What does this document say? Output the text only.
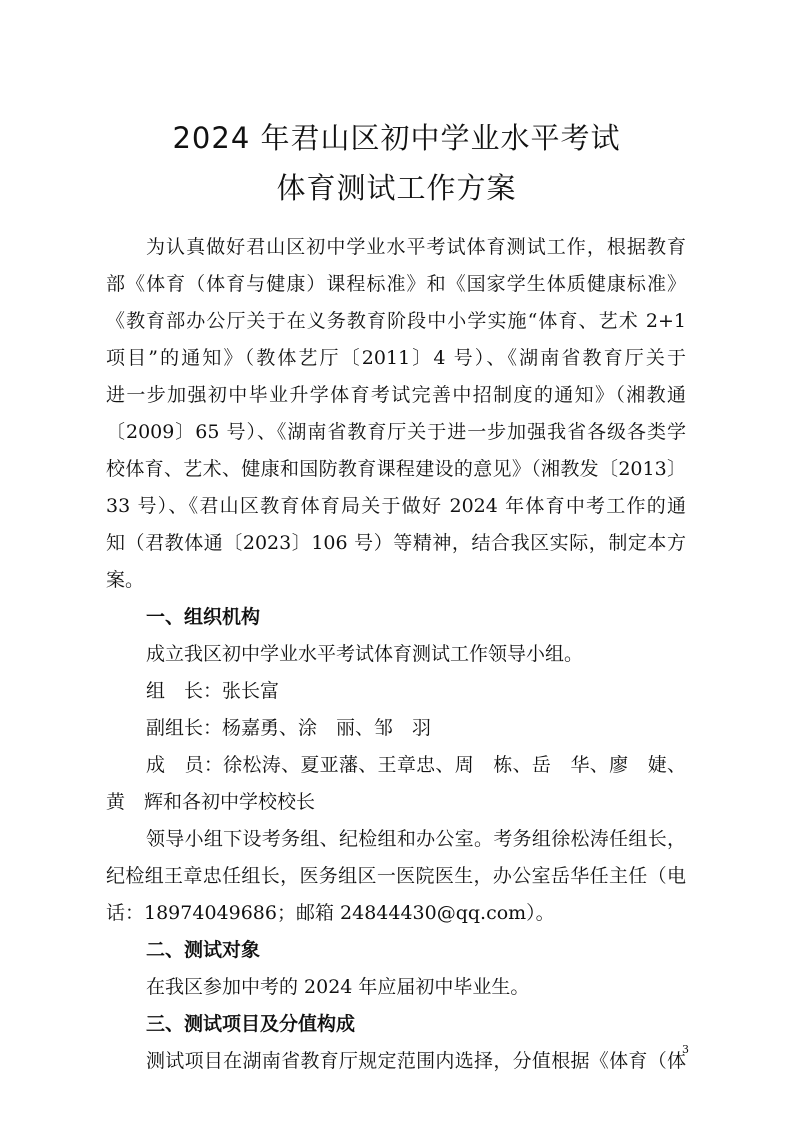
2024 年君山区初中学业水平考试
体育测试工作方案
为认真做好君山区初中学业水平考试体育测试工作，根据教育
部《体育（体育与健康）课程标准》和《国家学生体质健康标准》
《教育部办公厅关于在义务教育阶段中小学实施“体育、艺术 2+1
项目”的通知》（教体艺厅〔2011〕4 号）、《湖南省教育厅关于
进一步加强初中毕业升学体育考试完善中招制度的通知》（湘教通
〔2009〕65 号）、《湖南省教育厅关于进一步加强我省各级各类学
校体育、艺术、健康和国防教育课程建设的意见》（湘教发〔2013〕
33 号）、《君山区教育体育局关于做好 2024 年体育中考工作的通
知（君教体通〔2023〕106 号）等精神，结合我区实际，制定本方
案。
一、组织机构
成立我区初中学业水平考试体育测试工作领导小组。
组　长：张长富
副组长：杨嘉勇、涂　丽、邹　羽
成　员：徐松涛、夏亚藩、王章忠、周　栋、岳　华、廖　婕、
黄　辉和各初中学校校长
领导小组下设考务组、纪检组和办公室。考务组徐松涛任组长，
纪检组王章忠任组长，医务组区一医院医生，办公室岳华任主任（电
话：18974049686；邮箱 24844430@qq.com）。
二、测试对象
在我区参加中考的 2024 年应届初中毕业生。
三、测试项目及分值构成
测试项目在湖南省教育厅规定范围内选择，分值根据《体育（体
3
